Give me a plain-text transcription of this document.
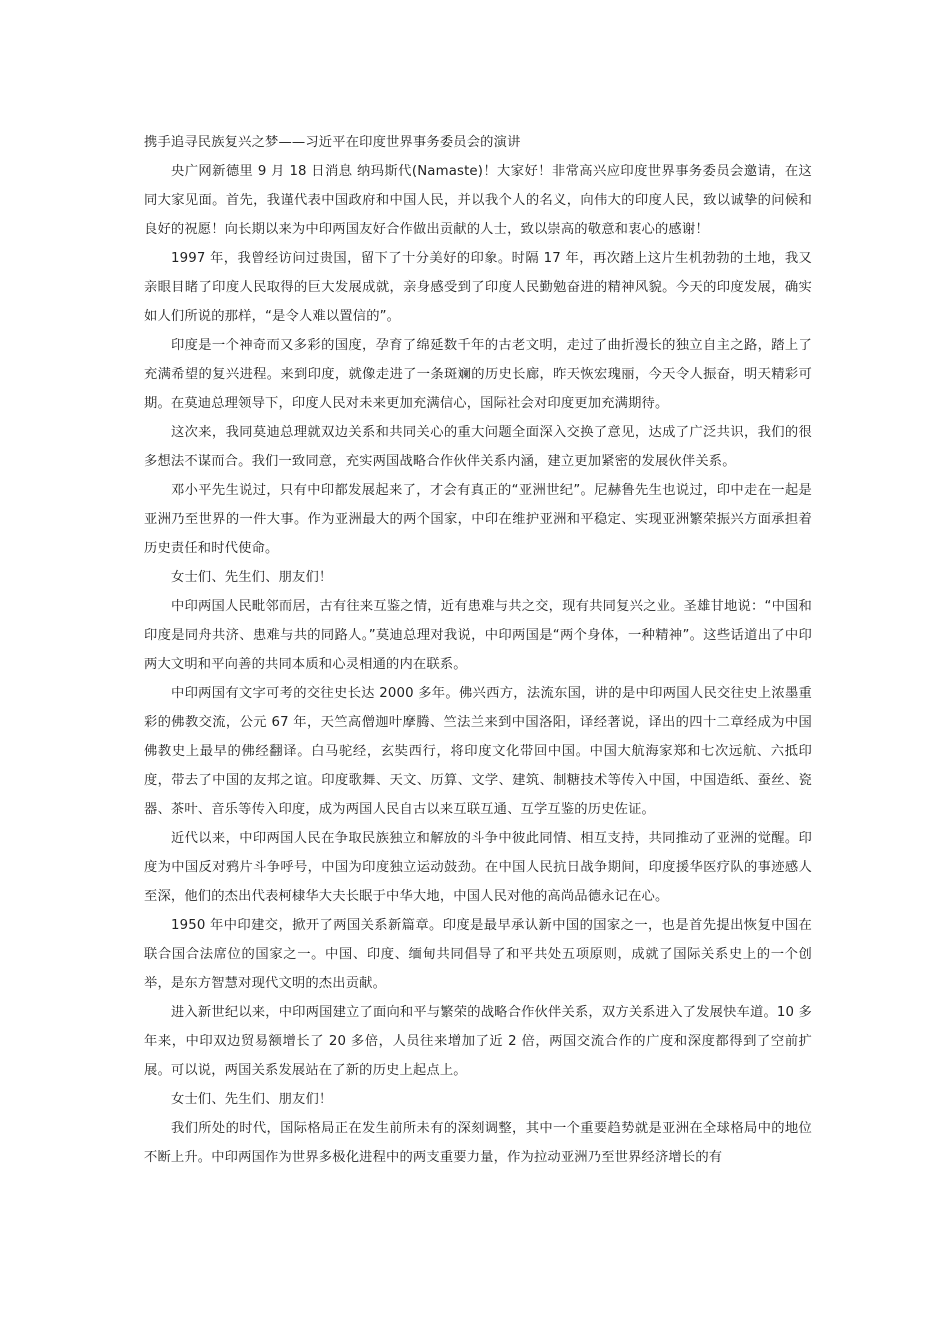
携手追寻民族复兴之梦——习近平在印度世界事务委员会的演讲

央广网新德里 9 月 18 日消息 纳玛斯代(Namaste)！大家好！非常高兴应印度世界事务委员会邀请，在这同大家见面。首先，我谨代表中国政府和中国人民，并以我个人的名义，向伟大的印度人民，致以诚挚的问候和良好的祝愿！向长期以来为中印两国友好合作做出贡献的人士，致以崇高的敬意和衷心的感谢！

1997 年，我曾经访问过贵国，留下了十分美好的印象。时隔 17 年，再次踏上这片生机勃勃的土地，我又亲眼目睹了印度人民取得的巨大发展成就，亲身感受到了印度人民勤勉奋进的精神风貌。今天的印度发展，确实如人们所说的那样，“是令人难以置信的”。

印度是一个神奇而又多彩的国度，孕育了绵延数千年的古老文明，走过了曲折漫长的独立自主之路，踏上了充满希望的复兴进程。来到印度，就像走进了一条斑斓的历史长廊，昨天恢宏瑰丽，今天令人振奋，明天精彩可期。在莫迪总理领导下，印度人民对未来更加充满信心，国际社会对印度更加充满期待。

这次来，我同莫迪总理就双边关系和共同关心的重大问题全面深入交换了意见，达成了广泛共识，我们的很多想法不谋而合。我们一致同意，充实两国战略合作伙伴关系内涵，建立更加紧密的发展伙伴关系。

邓小平先生说过，只有中印都发展起来了，才会有真正的“亚洲世纪”。尼赫鲁先生也说过，印中走在一起是亚洲乃至世界的一件大事。作为亚洲最大的两个国家，中印在维护亚洲和平稳定、实现亚洲繁荣振兴方面承担着历史责任和时代使命。

女士们、先生们、朋友们！

中印两国人民毗邻而居，古有往来互鉴之情，近有患难与共之交，现有共同复兴之业。圣雄甘地说：“中国和印度是同舟共济、患难与共的同路人。”莫迪总理对我说，中印两国是“两个身体，一种精神”。这些话道出了中印两大文明和平向善的共同本质和心灵相通的内在联系。

中印两国有文字可考的交往史长达 2000 多年。佛兴西方，法流东国，讲的是中印两国人民交往史上浓墨重彩的佛教交流，公元 67 年，天竺高僧迦叶摩腾、竺法兰来到中国洛阳，译经著说，译出的四十二章经成为中国佛教史上最早的佛经翻译。白马驼经，玄奘西行，将印度文化带回中国。中国大航海家郑和七次远航、六抵印度，带去了中国的友邦之谊。印度歌舞、天文、历算、文学、建筑、制糖技术等传入中国，中国造纸、蚕丝、瓷器、茶叶、音乐等传入印度，成为两国人民自古以来互联互通、互学互鉴的历史佐证。

近代以来，中印两国人民在争取民族独立和解放的斗争中彼此同情、相互支持，共同推动了亚洲的觉醒。印度为中国反对鸦片斗争呼号，中国为印度独立运动鼓劲。在中国人民抗日战争期间，印度援华医疗队的事迹感人至深，他们的杰出代表柯棣华大夫长眠于中华大地，中国人民对他的高尚品德永记在心。

1950 年中印建交，掀开了两国关系新篇章。印度是最早承认新中国的国家之一，也是首先提出恢复中国在联合国合法席位的国家之一。中国、印度、缅甸共同倡导了和平共处五项原则，成就了国际关系史上的一个创举，是东方智慧对现代文明的杰出贡献。

进入新世纪以来，中印两国建立了面向和平与繁荣的战略合作伙伴关系，双方关系进入了发展快车道。10 多年来，中印双边贸易额增长了 20 多倍，人员往来增加了近 2 倍，两国交流合作的广度和深度都得到了空前扩展。可以说，两国关系发展站在了新的历史上起点上。

女士们、先生们、朋友们！

我们所处的时代，国际格局正在发生前所未有的深刻调整，其中一个重要趋势就是亚洲在全球格局中的地位不断上升。中印两国作为世界多极化进程中的两支重要力量，作为拉动亚洲乃至世界经济增长的有
